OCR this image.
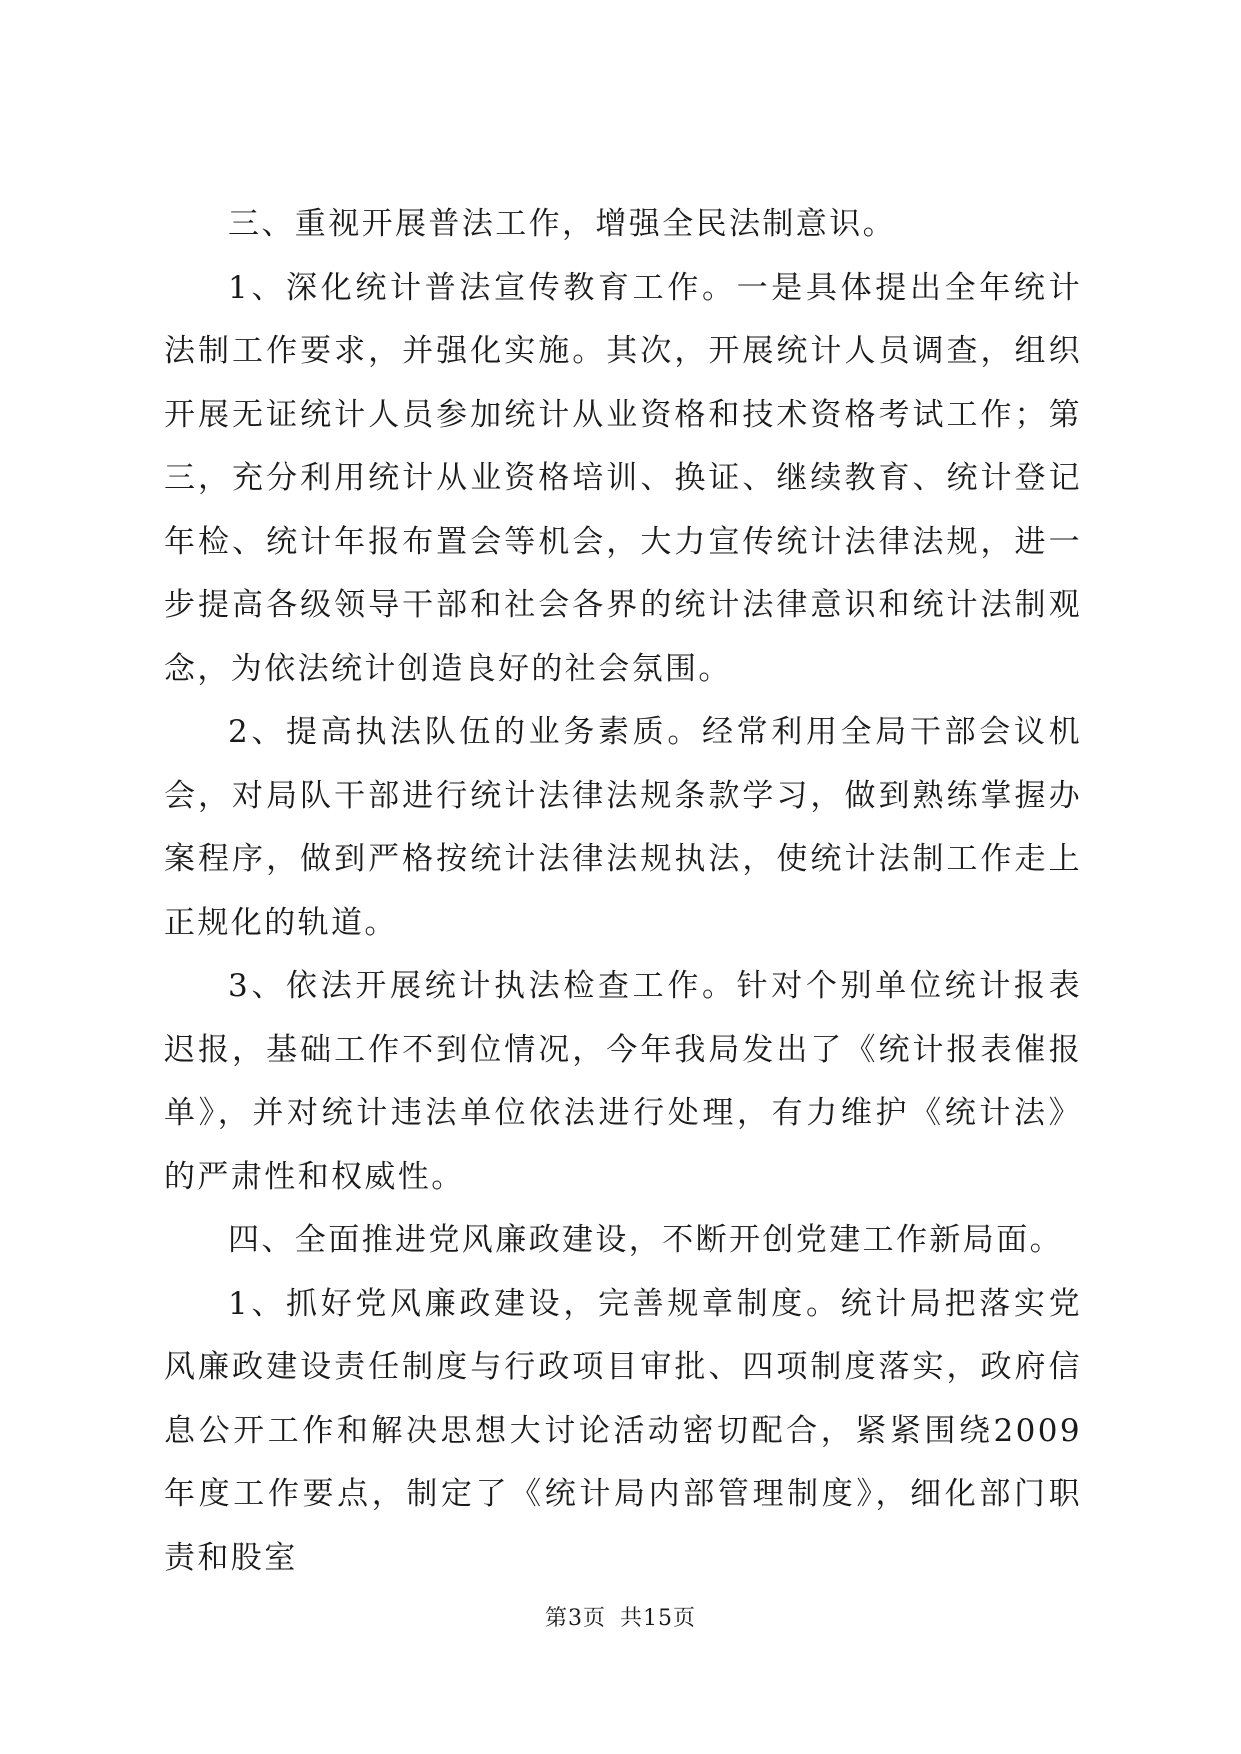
三、重视开展普法工作，增强全民法制意识。

1、深化统计普法宣传教育工作。一是具体提出全年统计法制工作要求，并强化实施。其次，开展统计人员调查，组织开展无证统计人员参加统计从业资格和技术资格考试工作；第三，充分利用统计从业资格培训、换证、继续教育、统计登记年检、统计年报布置会等机会，大力宣传统计法律法规，进一步提高各级领导干部和社会各界的统计法律意识和统计法制观念，为依法统计创造良好的社会氛围。

2、提高执法队伍的业务素质。经常利用全局干部会议机会，对局队干部进行统计法律法规条款学习，做到熟练掌握办案程序，做到严格按统计法律法规执法，使统计法制工作走上正规化的轨道。

3、依法开展统计执法检查工作。针对个别单位统计报表迟报，基础工作不到位情况，今年我局发出了《统计报表催报单》，并对统计违法单位依法进行处理，有力维护《统计法》的严肃性和权威性。

四、全面推进党风廉政建设，不断开创党建工作新局面。

1、抓好党风廉政建设，完善规章制度。统计局把落实党风廉政建设责任制度与行政项目审批、四项制度落实，政府信息公开工作和解决思想大讨论活动密切配合，紧紧围绕2009年度工作要点，制定了《统计局内部管理制度》，细化部门职责和股室

第3页 共15页
